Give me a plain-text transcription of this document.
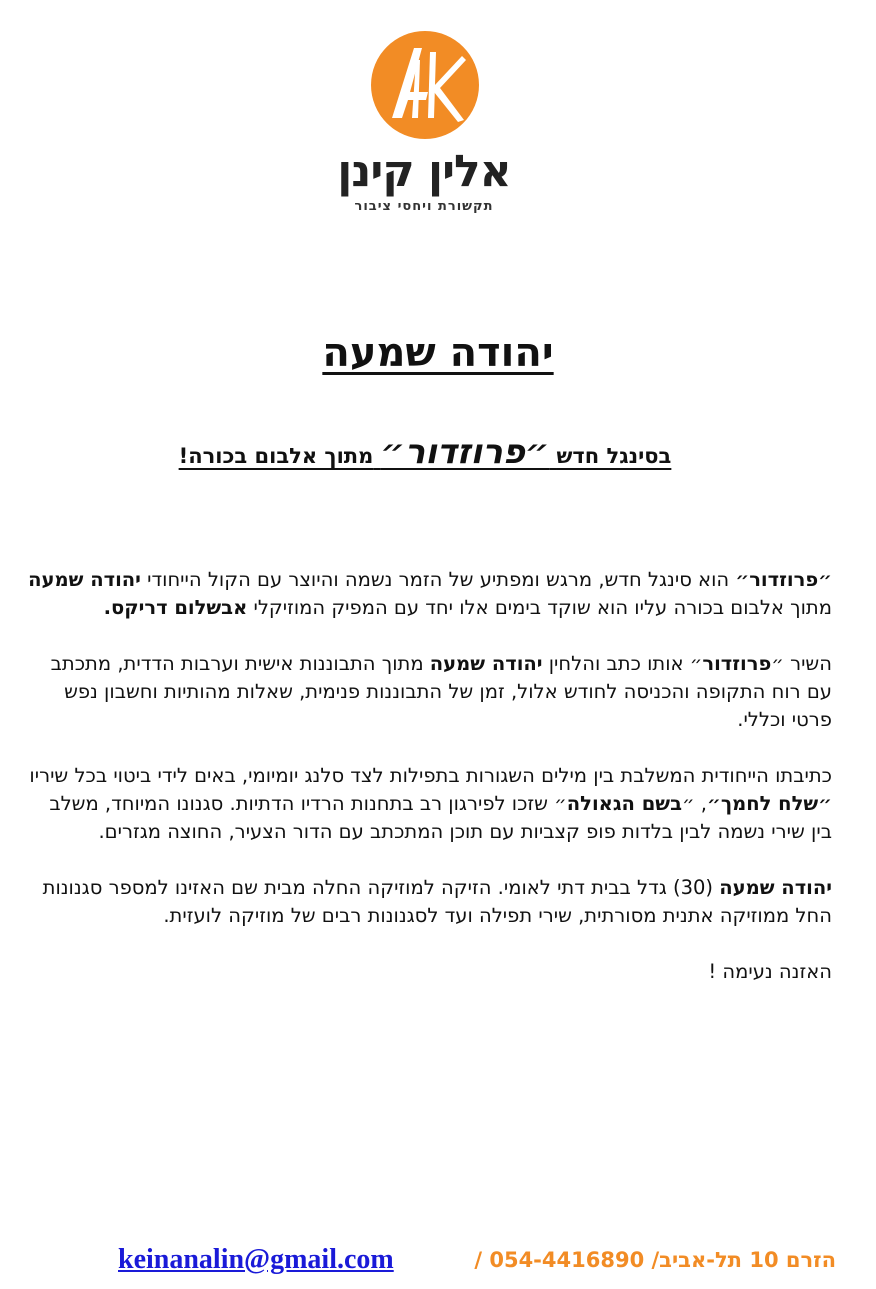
אלין קינן
תקשורת ויחסי ציבור
יהודה שמעה
בסינגל חדש ״פרוזדור״ מתוך אלבום בכורה!

״פרוזדור״ הוא סינגל חדש, מרגש ומפתיע של הזמר נשמה והיוצר עם הקול הייחודי יהודה שמעה מתוך אלבום בכורה עליו הוא שוקד בימים אלו יחד עם המפיק המוזיקלי אבשלום דריקס.

השיר ״פרוזדור״ אותו כתב והלחין יהודה שמעה מתוך התבוננות אישית וערבות הדדית, מתכתב עם רוח התקופה והכניסה לחודש אלול, זמן של התבוננות פנימית, שאלות מהותיות וחשבון נפש פרטי וכללי.

כתיבתו הייחודית המשלבת בין מילים השגורות בתפילות לצד סלנג יומיומי, באים לידי ביטוי בכל שיריו ״שלח לחמך״, ״בשם הגאולה״ שזכו לפירגון רב בתחנות הרדיו הדתיות. סגנונו המיוחד, משלב בין שירי נשמה לבין בלדות פופ קצביות עם תוכן המתכתב עם הדור הצעיר, החוצה מגזרים.

יהודה שמעה (30) גדל בבית דתי לאומי. הזיקה למוזיקה החלה מבית שם האזינו למספר סגנונות החל ממוזיקה אתנית מסורתית, שירי תפילה ועד לסגנונות רבים של מוזיקה לועזית.

האזנה נעימה !

keinanalin@gmail.com	הזרם 10 תל-אביב/ 054-4416890 /
